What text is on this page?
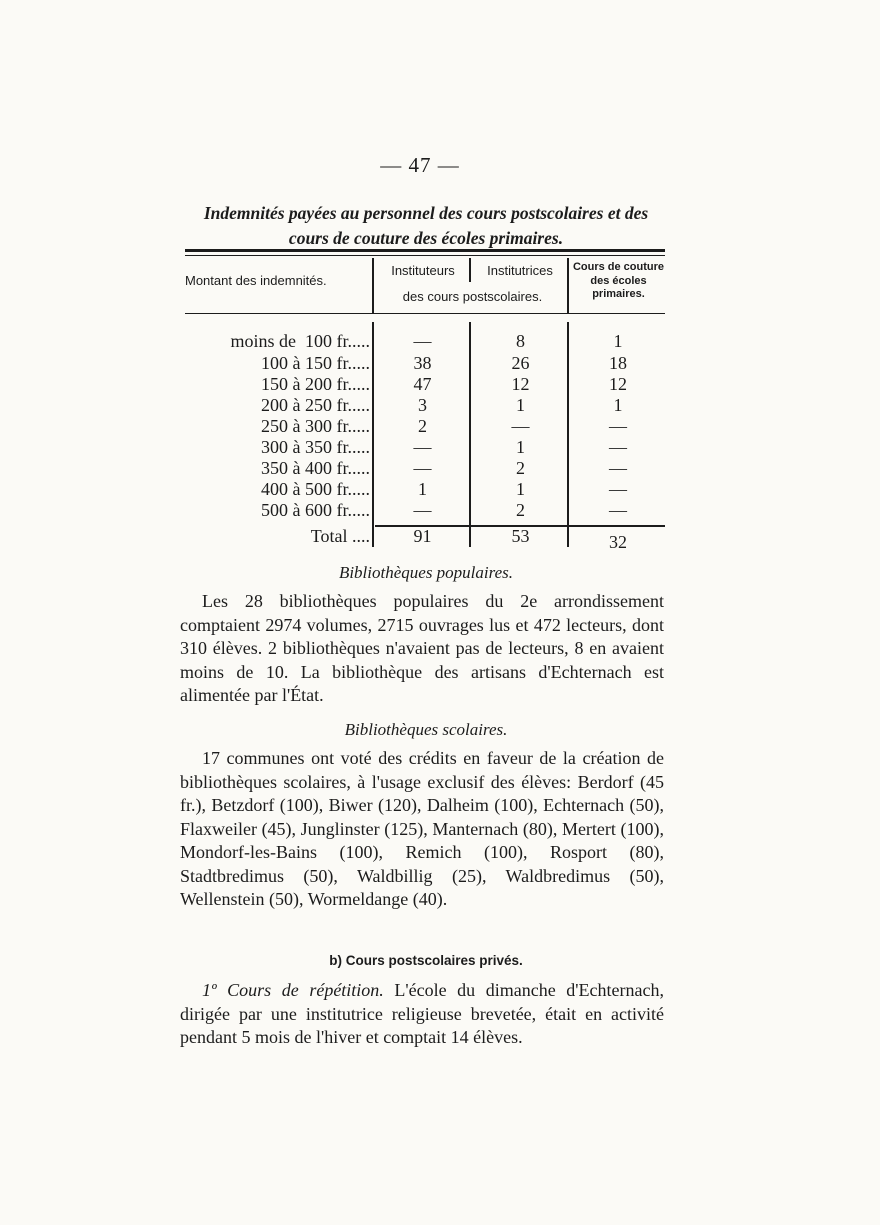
— 47 —
Indemnités payées au personnel des cours postscolaires et des cours de couture des écoles primaires.
Montant des indemnités.
Instituteurs	Institutrices
des cours postscolaires.
Cours de couture des écoles primaires.
moins de  100 fr.....	—	8	1
100 à 150 fr.....	38	26	18
150 à 200 fr.....	47	12	12
200 à 250 fr.....	3	1	1
250 à 300 fr.....	2	—	—
300 à 350 fr.....	—	1	—
350 à 400 fr.....	—	2	—
400 à 500 fr.....	1	1	—
500 à 600 fr.....	—	2	—
Total ....	91	53	32
Bibliothèques populaires.

Les 28 bibliothèques populaires du 2e arrondissement comptaient 2974 volumes, 2715 ouvrages lus et 472 lecteurs, dont 310 élèves. 2 bibliothèques n'avaient pas de lecteurs, 8 en avaient moins de 10. La bibliothèque des artisans d'Echternach est alimentée par l'État.

Bibliothèques scolaires.

17 communes ont voté des crédits en faveur de la création de bibliothèques scolaires, à l'usage exclusif des élèves: Berdorf (45 fr.), Betzdorf (100), Biwer (120), Dalheim (100), Echternach (50), Flaxweiler (45), Junglinster (125), Manternach (80), Mertert (100), Mondorf-les-Bains (100), Remich (100), Rosport (80), Stadtbredimus (50), Waldbillig (25), Waldbredimus (50), Wellenstein (50), Wormeldange (40).

b) Cours postscolaires privés.

1º Cours de répétition. L'école du dimanche d'Echternach, dirigée par une institutrice religieuse brevetée, était en activité pendant 5 mois de l'hiver et comptait 14 élèves.
